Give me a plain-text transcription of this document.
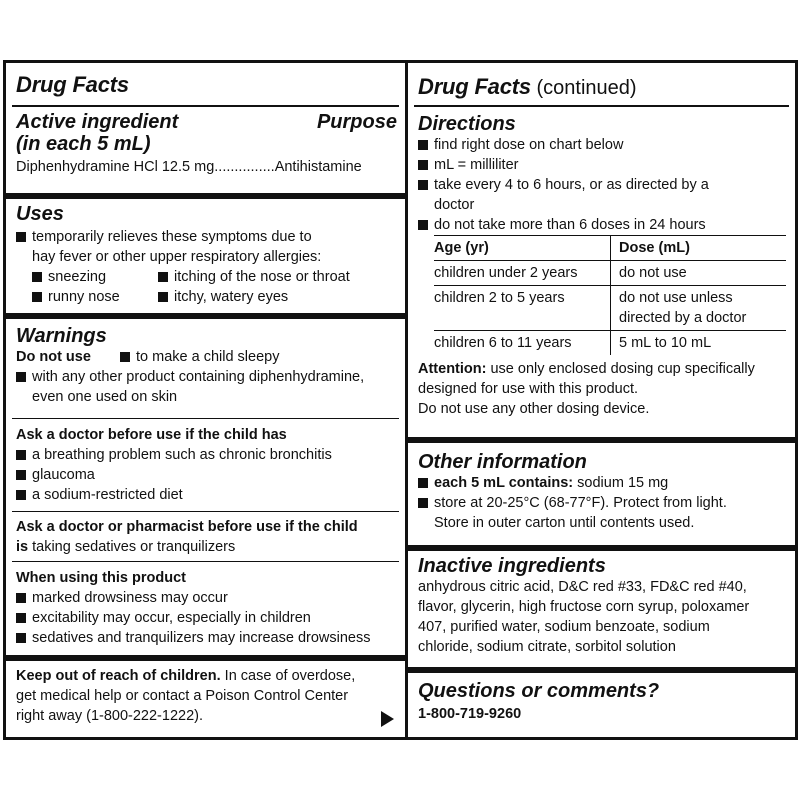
Drug Facts
Active ingredient	Purpose
(in each 5 mL)
Diphenhydramine HCl 12.5 mg...............Antihistamine
Uses
temporarily relieves these symptoms due to
hay fever or other upper respiratory allergies:
sneezing	itching of the nose or throat
runny nose	itchy, watery eyes
Warnings
Do not use	to make a child sleepy
with any other product containing diphenhydramine,
even one used on skin
Ask a doctor before use if the child has
a breathing problem such as chronic bronchitis
glaucoma
a sodium-restricted diet
Ask a doctor or pharmacist before use if the child
is taking sedatives or tranquilizers
When using this product
marked drowsiness may occur
excitability may occur, especially in children
sedatives and tranquilizers may increase drowsiness
Keep out of reach of children. In case of overdose,
get medical help or contact a Poison Control Center
right away (1-800-222-1222).
Drug Facts (continued)
Directions
find right dose on chart below
mL = milliliter
take every 4 to 6 hours, or as directed by a
doctor
do not take more than 6 doses in 24 hours
Age (yr)	Dose (mL)
children under 2 years	do not use
children 2 to 5 years	do not use unless
directed by a doctor

children 6 to 11 years	5 mL to 10 mL
Attention: use only enclosed dosing cup specifically
designed for use with this product.
Do not use any other dosing device.
Other information
each 5 mL contains: sodium 15 mg
store at 20-25°C (68-77°F). Protect from light.
Store in outer carton until contents used.
Inactive ingredients
anhydrous citric acid, D&C red #33, FD&C red #40,
flavor, glycerin, high fructose corn syrup, poloxamer
407, purified water, sodium benzoate, sodium
chloride, sodium citrate, sorbitol solution
Questions or comments?
1-800-719-9260
